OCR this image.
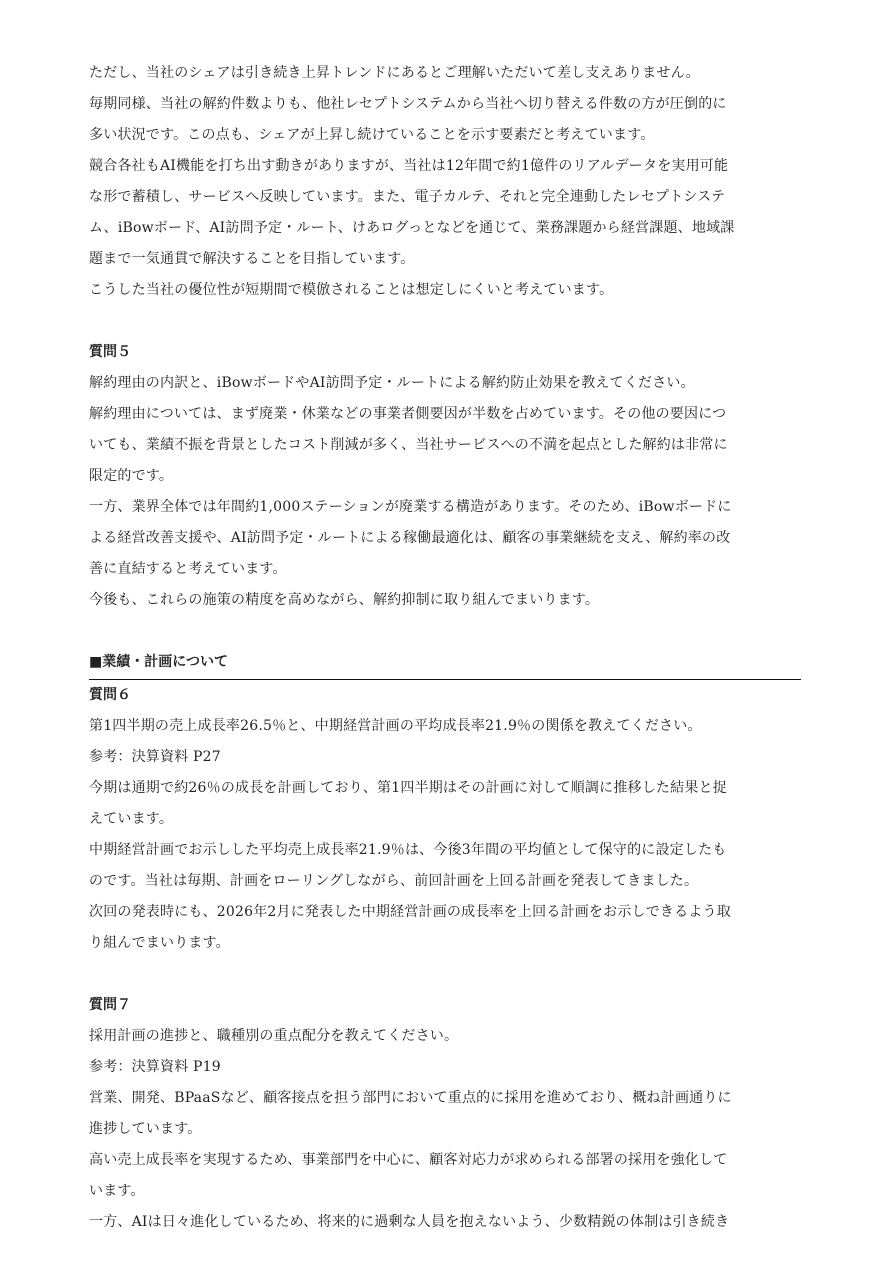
ただし、当社のシェアは引き続き上昇トレンドにあるとご理解いただいて差し支えありません。
毎期同様、当社の解約件数よりも、他社レセプトシステムから当社へ切り替える件数の方が圧倒的に
多い状況です。この点も、シェアが上昇し続けていることを示す要素だと考えています。
競合各社もAI機能を打ち出す動きがありますが、当社は12年間で約1億件のリアルデータを実用可能
な形で蓄積し、サービスへ反映しています。また、電子カルテ、それと完全連動したレセプトシステ
ム、iBowボード、AI訪問予定・ルート、けあログっとなどを通じて、業務課題から経営課題、地域課
題まで一気通貫で解決することを目指しています。
こうした当社の優位性が短期間で模倣されることは想定しにくいと考えています。
質問５
解約理由の内訳と、iBowボードやAI訪問予定・ルートによる解約防止効果を教えてください。
解約理由については、まず廃業・休業などの事業者側要因が半数を占めています。その他の要因につ
いても、業績不振を背景としたコスト削減が多く、当社サービスへの不満を起点とした解約は非常に
限定的です。
一方、業界全体では年間約1,000ステーションが廃業する構造があります。そのため、iBowボードに
よる経営改善支援や、AI訪問予定・ルートによる稼働最適化は、顧客の事業継続を支え、解約率の改
善に直結すると考えています。
今後も、これらの施策の精度を高めながら、解約抑制に取り組んでまいります。
■業績・計画について
質問６
第1四半期の売上成長率26.5％と、中期経営計画の平均成長率21.9％の関係を教えてください。
参考：決算資料 P27
今期は通期で約26％の成長を計画しており、第1四半期はその計画に対して順調に推移した結果と捉
えています。
中期経営計画でお示しした平均売上成長率21.9％は、今後3年間の平均値として保守的に設定したも
のです。当社は毎期、計画をローリングしながら、前回計画を上回る計画を発表してきました。
次回の発表時にも、2026年2月に発表した中期経営計画の成長率を上回る計画をお示しできるよう取
り組んでまいります。
質問７
採用計画の進捗と、職種別の重点配分を教えてください。
参考：決算資料 P19
営業、開発、BPaaSなど、顧客接点を担う部門において重点的に採用を進めており、概ね計画通りに
進捗しています。
高い売上成長率を実現するため、事業部門を中心に、顧客対応力が求められる部署の採用を強化して
います。
一方、AIは日々進化しているため、将来的に過剰な人員を抱えないよう、少数精鋭の体制は引き続き
